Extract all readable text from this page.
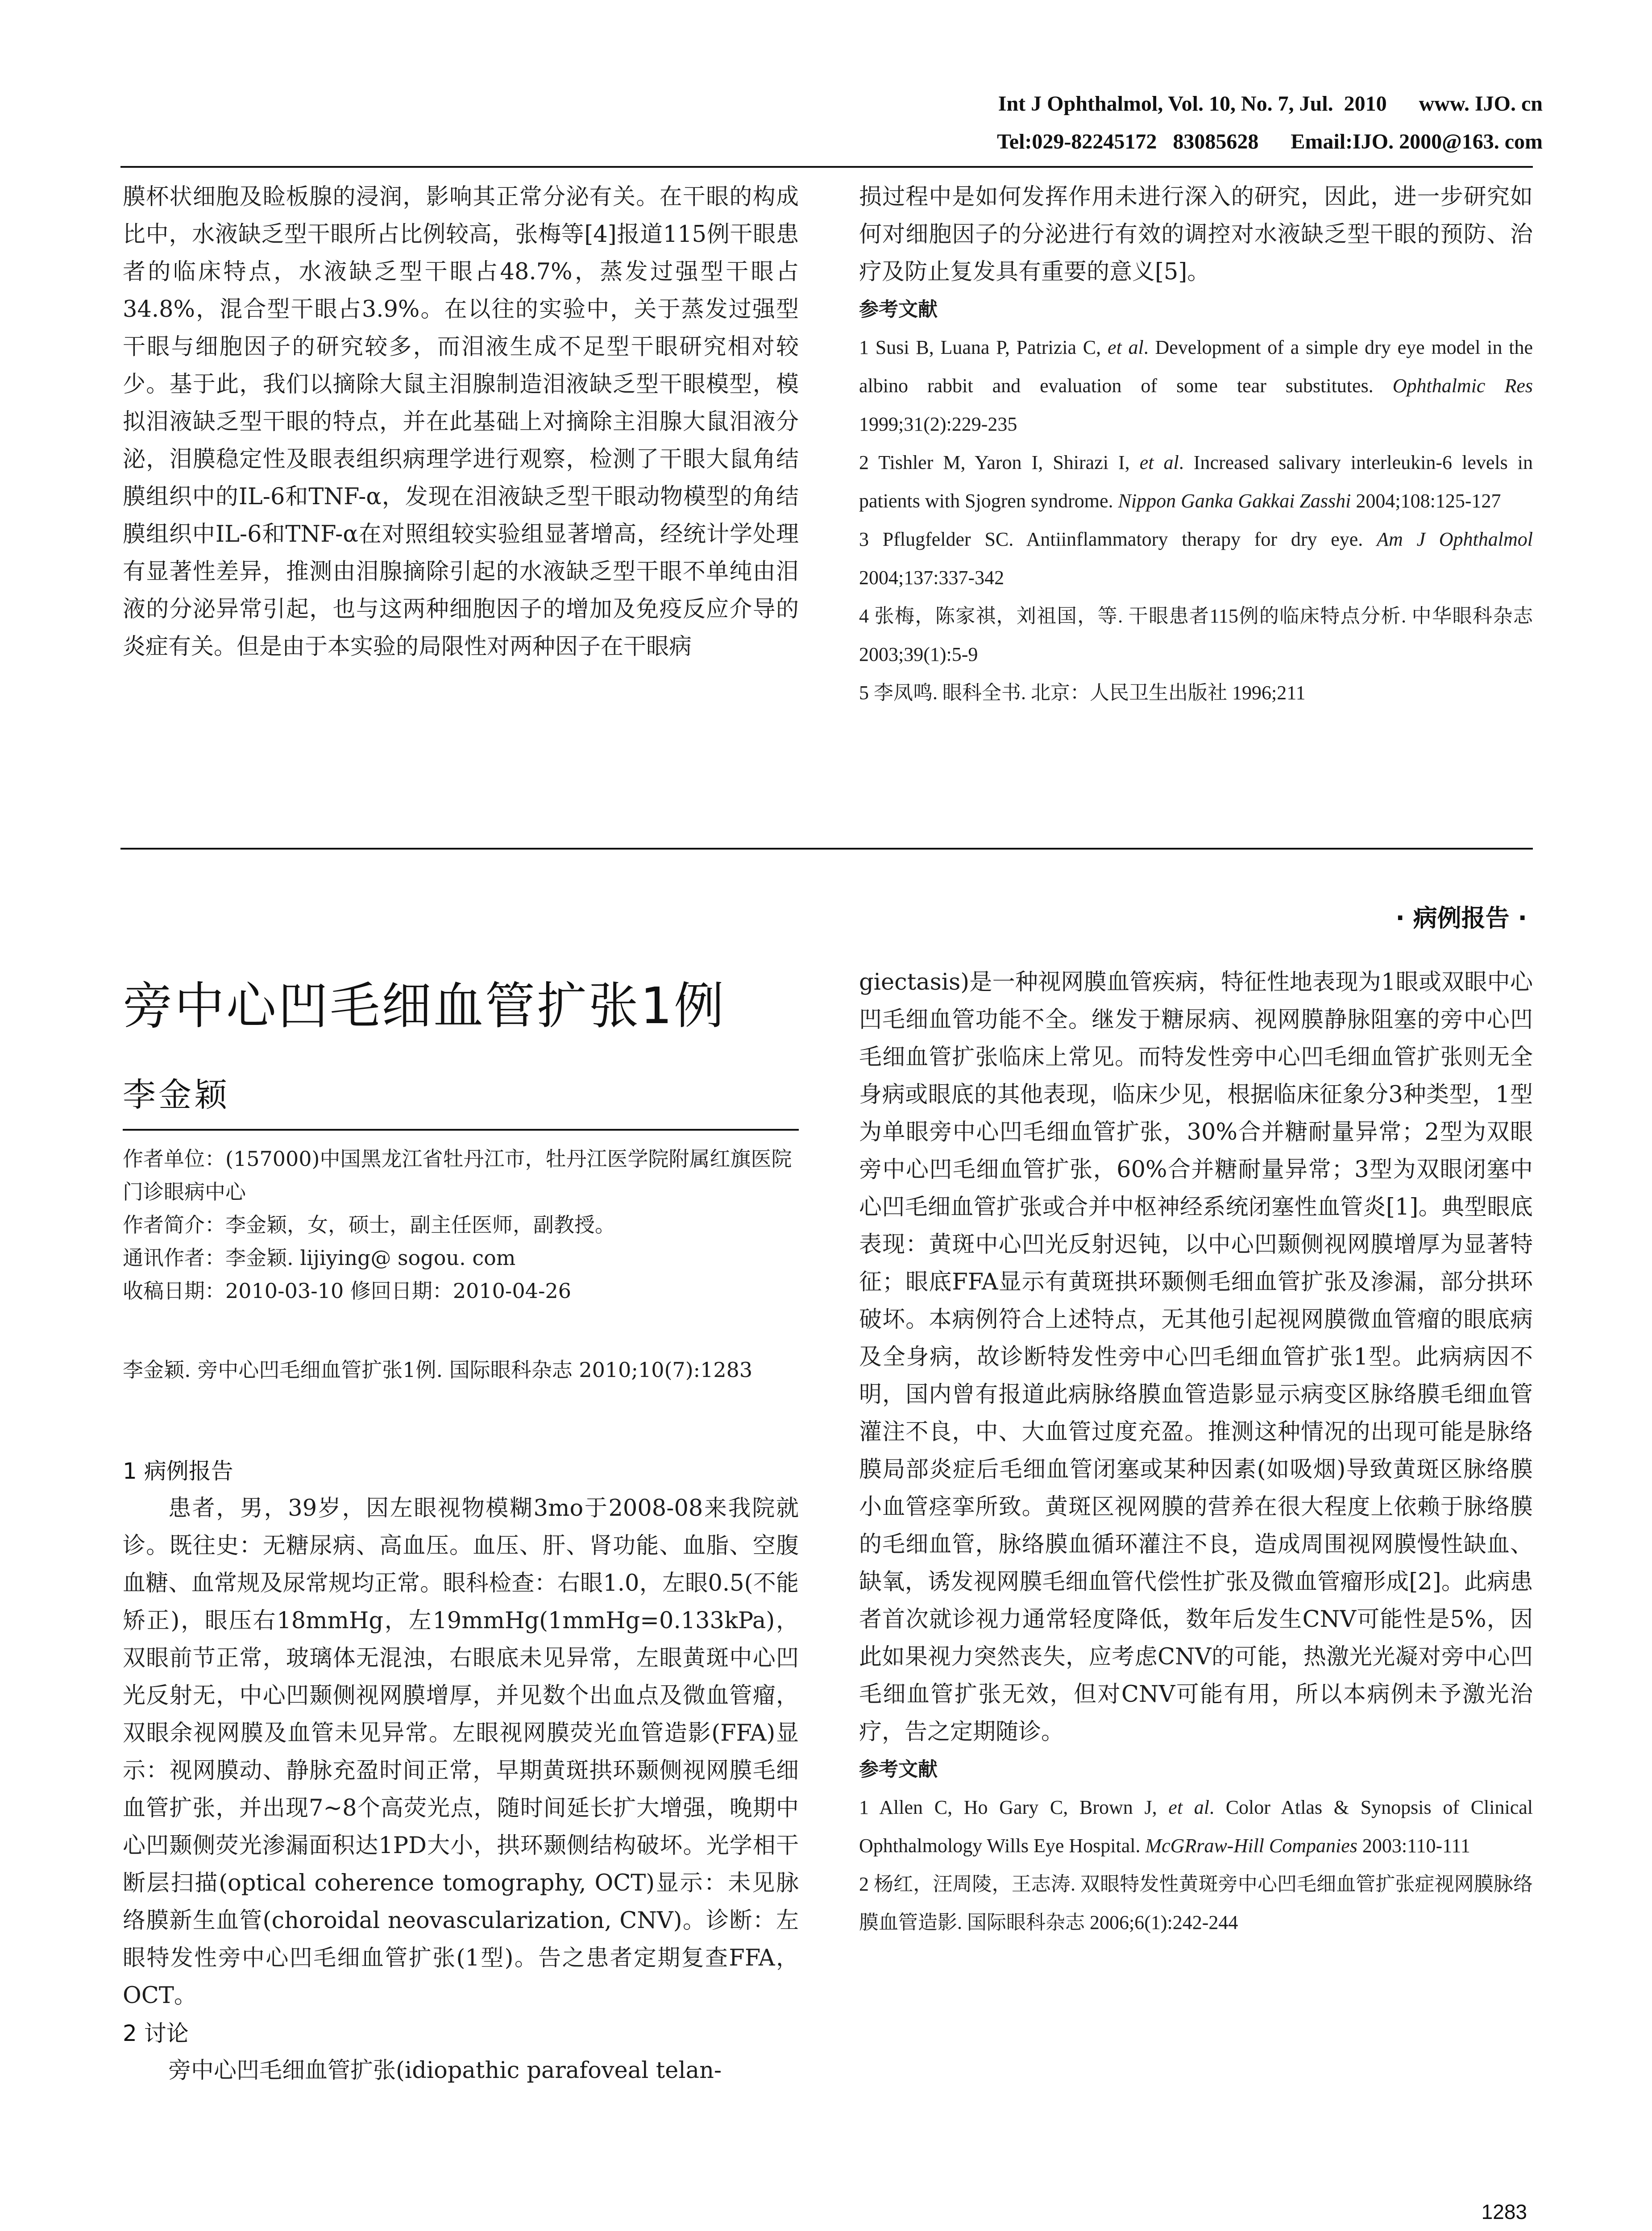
Int J Ophthalmol, Vol. 10, No. 7, Jul.  2010      www. IJO. cn
Tel:029-82245172   83085628      Email:IJO. 2000@163. com

膜杯状细胞及睑板腺的浸润，影响其正常分泌有关。在干眼的构成比中，水液缺乏型干眼所占比例较高，张梅等[4]报道115例干眼患者的临床特点，水液缺乏型干眼占48.7%，蒸发过强型干眼占34.8%，混合型干眼占3.9%。在以往的实验中，关于蒸发过强型干眼与细胞因子的研究较多，而泪液生成不足型干眼研究相对较少。基于此，我们以摘除大鼠主泪腺制造泪液缺乏型干眼模型，模拟泪液缺乏型干眼的特点，并在此基础上对摘除主泪腺大鼠泪液分泌，泪膜稳定性及眼表组织病理学进行观察，检测了干眼大鼠角结膜组织中的IL-6和TNF-α，发现在泪液缺乏型干眼动物模型的角结膜组织中IL-6和TNF-α在对照组较实验组显著增高，经统计学处理有显著性差异，推测由泪腺摘除引起的水液缺乏型干眼不单纯由泪液的分泌异常引起，也与这两种细胞因子的增加及免疫反应介导的炎症有关。但是由于本实验的局限性对两种因子在干眼病

损过程中是如何发挥作用未进行深入的研究，因此，进一步研究如何对细胞因子的分泌进行有效的调控对水液缺乏型干眼的预防、治疗及防止复发具有重要的意义[5]。

参考文献

1 Susi B, Luana P, Patrizia C, et al. Development of a simple dry eye model in the albino rabbit and evaluation of some tear substitutes. Ophthalmic Res 1999;31(2):229-235

2 Tishler M, Yaron I, Shirazi I, et al. Increased salivary interleukin-6 levels in patients with Sjogren syndrome. Nippon Ganka Gakkai Zasshi 2004;108:125-127

3 Pflugfelder SC. Antiinflammatory therapy for dry eye. Am J Ophthalmol 2004;137:337-342

4 张梅，陈家祺，刘祖国，等. 干眼患者115例的临床特点分析. 中华眼科杂志 2003;39(1):5-9

5 李凤鸣. 眼科全书. 北京：人民卫生出版社 1996;211

· 病例报告 ·
旁中心凹毛细血管扩张1例
李金颖

作者单位：(157000)中国黑龙江省牡丹江市，牡丹江医学院附属红旗医院门诊眼病中心

作者简介：李金颖，女，硕士，副主任医师，副教授。

通讯作者：李金颖. lijiying@ sogou. com

收稿日期：2010-03-10 修回日期：2010-04-26

李金颖. 旁中心凹毛细血管扩张1例. 国际眼科杂志 2010;10(7):1283

1 病例报告

患者，男，39岁，因左眼视物模糊3mo于2008-08来我院就诊。既往史：无糖尿病、高血压。血压、肝、肾功能、血脂、空腹血糖、血常规及尿常规均正常。眼科检查：右眼1.0，左眼0.5(不能矫正)，眼压右18mmHg，左19mmHg(1mmHg=0.133kPa)，双眼前节正常，玻璃体无混浊，右眼底未见异常，左眼黄斑中心凹光反射无，中心凹颞侧视网膜增厚，并见数个出血点及微血管瘤，双眼余视网膜及血管未见异常。左眼视网膜荧光血管造影(FFA)显示：视网膜动、静脉充盈时间正常，早期黄斑拱环颞侧视网膜毛细血管扩张，并出现7~8个高荧光点，随时间延长扩大增强，晚期中心凹颞侧荧光渗漏面积达1PD大小，拱环颞侧结构破坏。光学相干断层扫描(optical coherence tomography, OCT)显示：未见脉络膜新生血管(choroidal neovascularization, CNV)。诊断：左眼特发性旁中心凹毛细血管扩张(1型)。告之患者定期复查FFA，OCT。

2 讨论

旁中心凹毛细血管扩张(idiopathic parafoveal telan-

giectasis)是一种视网膜血管疾病，特征性地表现为1眼或双眼中心凹毛细血管功能不全。继发于糖尿病、视网膜静脉阻塞的旁中心凹毛细血管扩张临床上常见。而特发性旁中心凹毛细血管扩张则无全身病或眼底的其他表现，临床少见，根据临床征象分3种类型，1型为单眼旁中心凹毛细血管扩张，30%合并糖耐量异常；2型为双眼旁中心凹毛细血管扩张，60%合并糖耐量异常；3型为双眼闭塞中心凹毛细血管扩张或合并中枢神经系统闭塞性血管炎[1]。典型眼底表现：黄斑中心凹光反射迟钝，以中心凹颞侧视网膜增厚为显著特征；眼底FFA显示有黄斑拱环颞侧毛细血管扩张及渗漏，部分拱环破坏。本病例符合上述特点，无其他引起视网膜微血管瘤的眼底病及全身病，故诊断特发性旁中心凹毛细血管扩张1型。此病病因不明，国内曾有报道此病脉络膜血管造影显示病变区脉络膜毛细血管灌注不良，中、大血管过度充盈。推测这种情况的出现可能是脉络膜局部炎症后毛细血管闭塞或某种因素(如吸烟)导致黄斑区脉络膜小血管痉挛所致。黄斑区视网膜的营养在很大程度上依赖于脉络膜的毛细血管，脉络膜血循环灌注不良，造成周围视网膜慢性缺血、缺氧，诱发视网膜毛细血管代偿性扩张及微血管瘤形成[2]。此病患者首次就诊视力通常轻度降低，数年后发生CNV可能性是5%，因此如果视力突然丧失，应考虑CNV的可能，热激光光凝对旁中心凹毛细血管扩张无效，但对CNV可能有用，所以本病例未予激光治疗，告之定期随诊。

参考文献

1 Allen C, Ho Gary C, Brown J, et al. Color Atlas & Synopsis of Clinical Ophthalmology Wills Eye Hospital. McGRraw-Hill Companies 2003:110-111

2 杨红，汪周陵，王志涛. 双眼特发性黄斑旁中心凹毛细血管扩张症视网膜脉络膜血管造影. 国际眼科杂志 2006;6(1):242-244

1283
